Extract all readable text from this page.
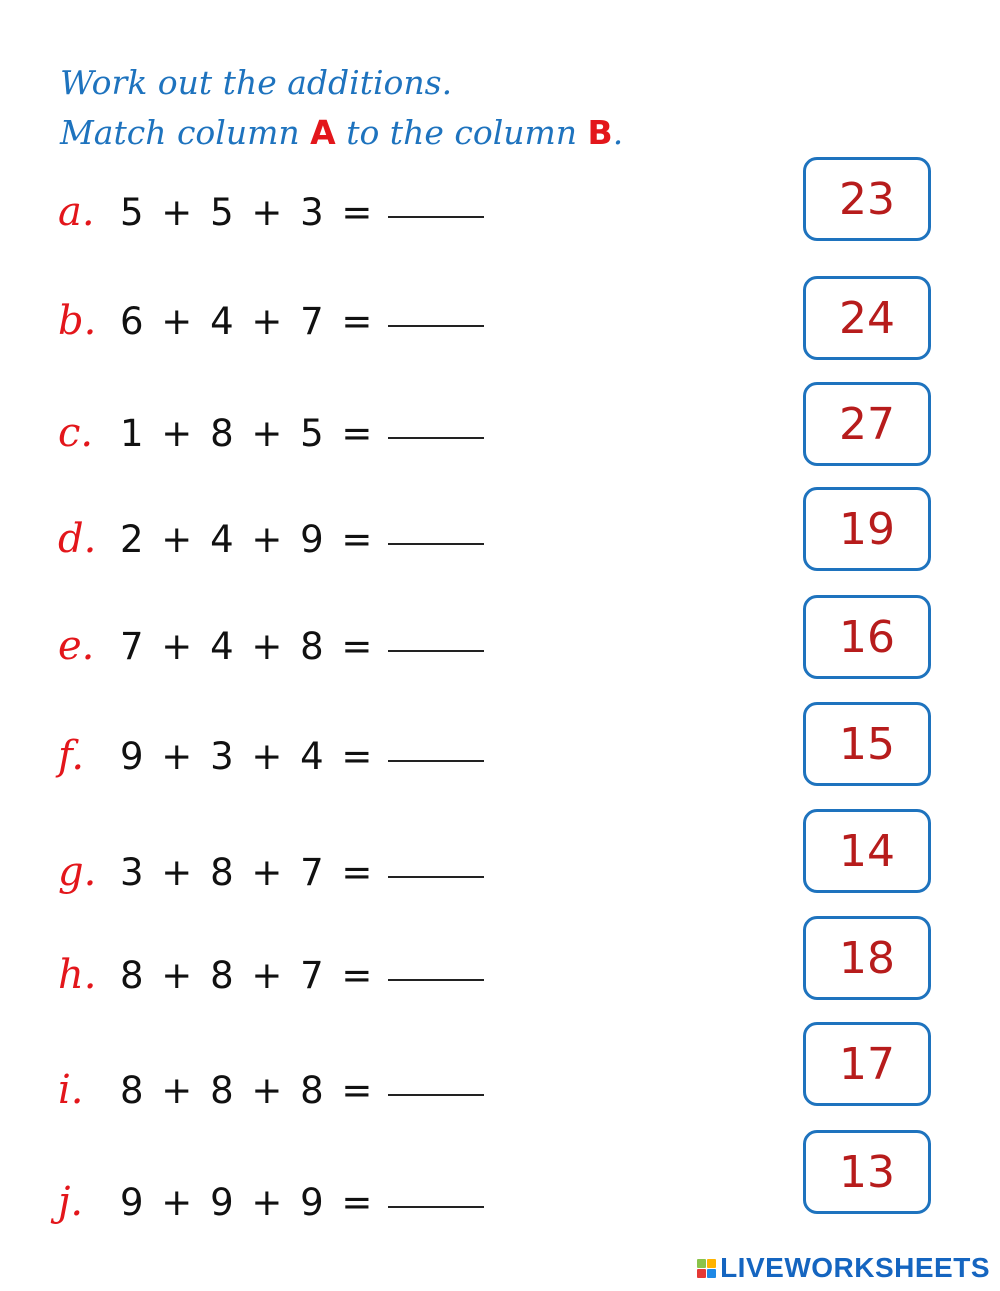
Work out the additions.
Match column A to the column B.
a. 5 + 5 + 3 =
b. 6 + 4 + 7 =
c. 1 + 8 + 5 =
d. 2 + 4 + 9 =
e. 7 + 4 + 8 =
f. 9 + 3 + 4 =
g. 3 + 8 + 7 =
h. 8 + 8 + 7 =
i. 8 + 8 + 8 =
j. 9 + 9 + 9 =
23
24
27
19
16
15
14
18
17
13
LIVEWORKSHEETS
